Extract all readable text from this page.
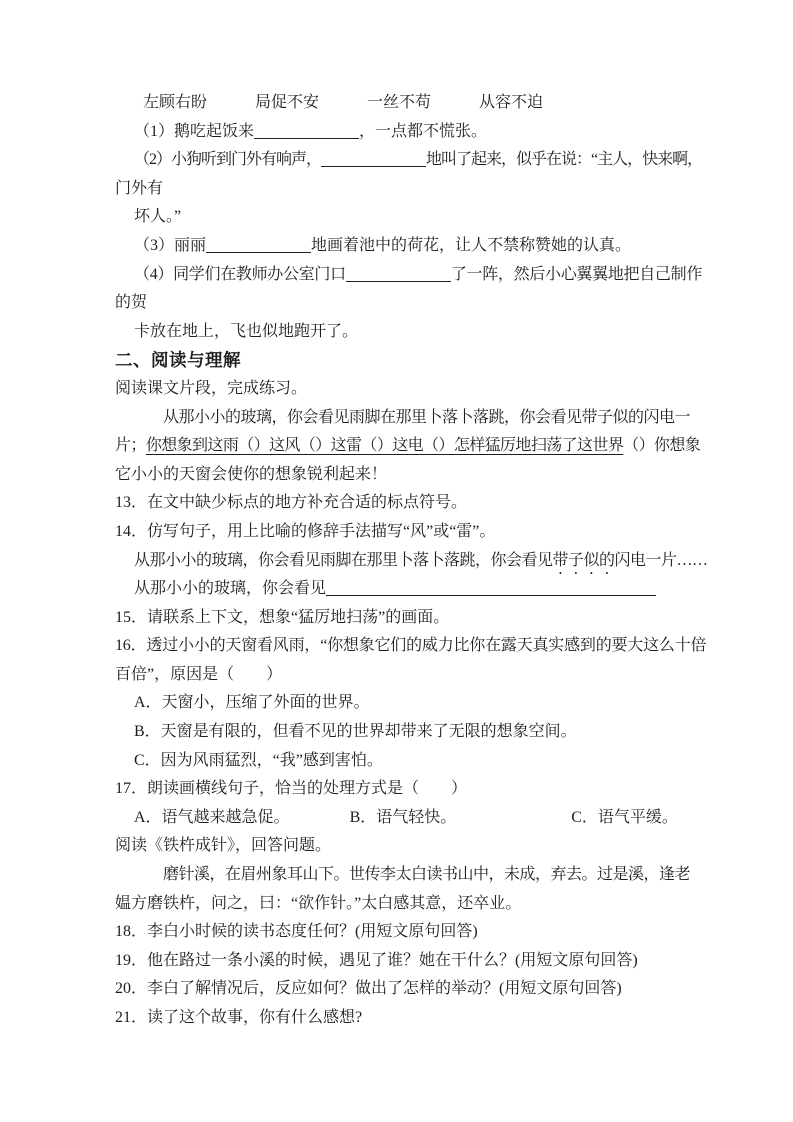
左顾右盼	局促不安	一丝不苟	从容不迫
（1）鹅吃起饭来	，一点都不慌张。
（2）小狗听到门外有响声，	地叫了起来，似乎在说：“主人，快来啊，
门外有
坏人。”
（3）丽丽	地画着池中的荷花，让人不禁称赞她的认真。
（4）同学们在教师办公室门口	了一阵，然后小心翼翼地把自己制作
的贺
卡放在地上，飞也似地跑开了。
二、阅读与理解
阅读课文片段，完成练习。
从那小小的玻璃，你会看见雨脚在那里卜落卜落跳，你会看见带子似的闪电一
片；你想象到这雨（）这风（）这雷（）这电（）怎样猛厉地扫荡了这世界（）你想象
它小小的天窗会使你的想象锐利起来！
13．在文中缺少标点的地方补充合适的标点符号。
14．仿写句子，用上比喻的修辞手法描写“风”或“雷”。
从那小小的玻璃，你会看见雨脚在那里卜落卜落跳，你会看见带子似的闪电一片……
从那小小的玻璃，你会看见
15．请联系上下文，想象“猛厉地扫荡”的画面。
16．透过小小的天窗看风雨，“你想象它们的威力比你在露天真实感到的要大这么十倍
百倍”，原因是（　　）
A．天窗小，压缩了外面的世界。
B．天窗是有限的，但看不见的世界却带来了无限的想象空间。
C．因为风雨猛烈，“我”感到害怕。
17．朗读画横线句子，恰当的处理方式是（　　）
A．语气越来越急促。	B．语气轻快。	C．语气平缓。
阅读《铁杵成针》，回答问题。
磨针溪，在眉州象耳山下。世传李太白读书山中，未成，弃去。过是溪，逢老
媪方磨铁杵，问之，曰：“欲作针。”太白感其意，还卒业。
18．李白小时候的读书态度任何？(用短文原句回答)
19．他在路过一条小溪的时候，遇见了谁？她在干什么？(用短文原句回答)
20．李白了解情况后，反应如何？做出了怎样的举动？(用短文原句回答)
21．读了这个故事，你有什么感想?
